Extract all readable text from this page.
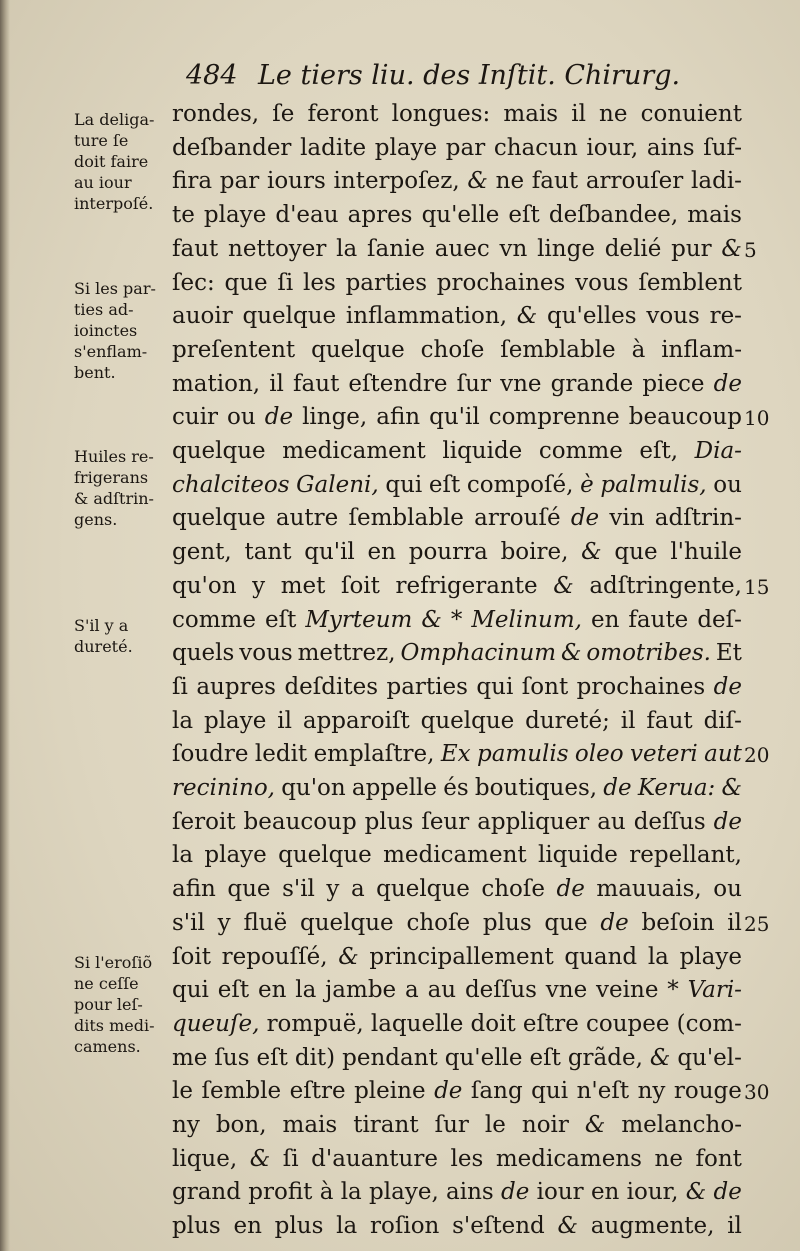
484 Le tiers liu. des Inſtit. Chirurg.
rondes, ſe feront longues: mais il ne conuient
deſbander ladite playe par chacun iour, ains ſuf-
fira par iours interpoſez, & ne faut arrouſer ladi-
te playe d'eau apres qu'elle eſt deſbandee, mais
faut nettoyer la ſanie auec vn linge delié pur &
ſec: que ſi les parties prochaines vous ſemblent
auoir quelque inflammation, & qu'elles vous re-
preſentent quelque choſe ſemblable à inflam-
mation, il faut eſtendre ſur vne grande piece de
cuir ou de linge, afin qu'il comprenne beaucoup
quelque medicament liquide comme eſt, Dia-
chalciteos Galeni, qui eſt compoſé, è palmulis, ou
quelque autre ſemblable arrouſé de vin adſtrin-
gent, tant qu'il en pourra boire, & que l'huile
qu'on y met ſoit refrigerante & adſtringente,
comme eſt Myrteum & * Melinum, en faute deſ-
quels vous mettrez, Omphacinum & omotribes. Et
ſi aupres deſdites parties qui ſont prochaines de
la playe il apparoiſt quelque dureté; il faut diſ-
ſoudre ledit emplaſtre, Ex pamulis oleo veteri aut
recinino, qu'on appelle és boutiques, de Kerua: &
ſeroit beaucoup plus ſeur appliquer au deſſus de
la playe quelque medicament liquide repellant,
afin que s'il y a quelque choſe de mauuais, ou
s'il y fluë quelque choſe plus que de beſoin il
ſoit repouſſé, & principallement quand la playe
qui eſt en la jambe a au deſſus vne veine * Vari-
queuſe, rompuë, laquelle doit eſtre coupee (com-
me ſus eſt dit) pendant qu'elle eſt grãde, & qu'el-
le ſemble eſtre pleine de ſang qui n'eſt ny rouge
ny bon, mais tirant ſur le noir & melancho-
lique, & ſi d'auanture les medicamens ne font
grand profit à la playe, ains de iour en iour, & de
plus en plus la roſion s'eſtend & augmente, il
La deliga-
ture ſe
doit faire
au iour
interpoſé.
Si les par-
ties ad-
ioinctes
s'enflam-
bent.
Huiles re-
frigerans
& adſtrin-
gens.
S'il y a
dureté.
Si l'eroſiõ
ne ceſſe
pour leſ-
dits medi-
camens.
5
10
15
20
25
30
